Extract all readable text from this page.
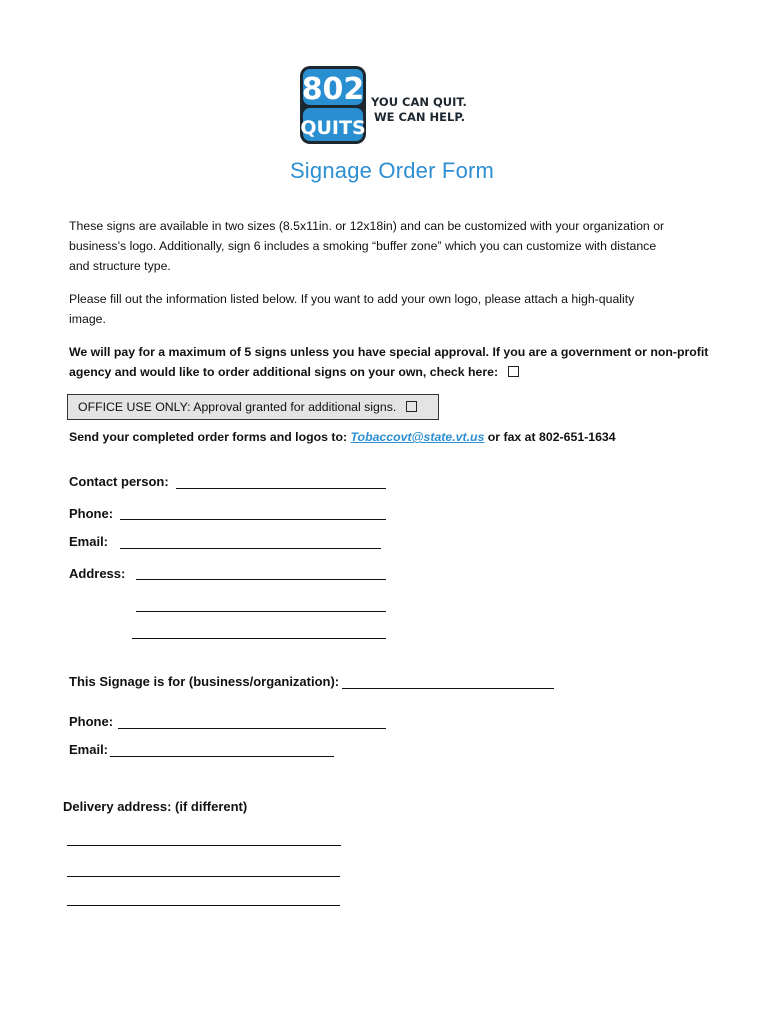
802
QUITS
YOU CAN QUIT.
WE CAN HELP.
Signage Order Form
These signs are available in two sizes (8.5x11in. or 12x18in) and can be customized with your organization or
business’s logo. Additionally, sign 6 includes a smoking “buffer zone” which you can customize with distance
and structure type.
Please fill out the information listed below. If you want to add your own logo, please attach a high-quality
image.
We will pay for a maximum of 5 signs unless you have special approval. If you are a government or non-profit
agency and would like to order additional signs on your own, check here:
OFFICE USE ONLY: Approval granted for additional signs.
Send your completed order forms and logos to: Tobaccovt@state.vt.us or fax at 802-651-1634
Contact person:
Phone:
Email:
Address:
This Signage is for (business/organization):
Phone:
Email:
Delivery address: (if different)
